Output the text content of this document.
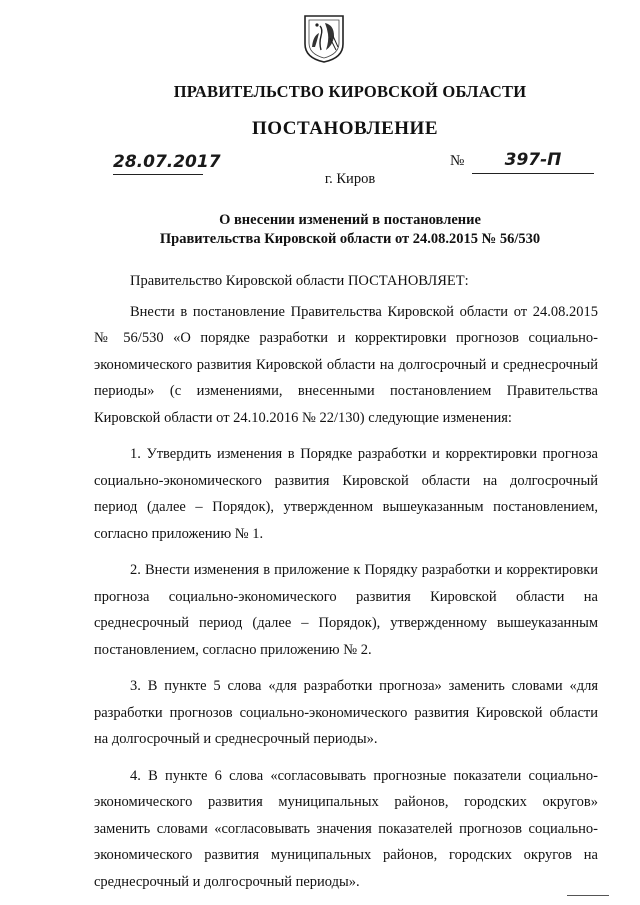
ПРАВИТЕЛЬСТВО КИРОВСКОЙ ОБЛАСТИ
ПОСТАНОВЛЕНИЕ
28.07.2017	№	397-П
г. Киров
О внесении изменений в постановление
Правительства Кировской области от 24.08.2015 № 56/530

Правительство Кировской области ПОСТАНОВЛЯЕТ:

Внести в постановление Правительства Кировской области от 24.08.2015 № 56/530 «О порядке разработки и корректировки прогнозов социально-экономического развития Кировской области на долгосрочный и среднесрочный периоды» (с изменениями, внесенными постановлением Правительства Кировской области от 24.10.2016 № 22/130) следующие изменения:

1. Утвердить изменения в Порядке разработки и корректировки прогноза социально-экономического развития Кировской области на долгосрочный период (далее – Порядок), утвержденном вышеуказанным постановлением, согласно приложению № 1.

2. Внести изменения в приложение к Порядку разработки и корректировки прогноза социально-экономического развития Кировской области на среднесрочный период (далее – Порядок), утвержденному вышеуказанным постановлением, согласно приложению № 2.

3. В пункте 5 слова «для разработки прогноза» заменить словами «для разработки прогнозов социально-экономического развития Кировской области на долгосрочный и среднесрочный периоды».

4. В пункте 6 слова «согласовывать прогнозные показатели социально-экономического развития муниципальных районов, городских округов» заменить словами «согласовывать значения показателей прогнозов социально-экономического развития муниципальных районов, городских округов на среднесрочный и долгосрочный периоды».
